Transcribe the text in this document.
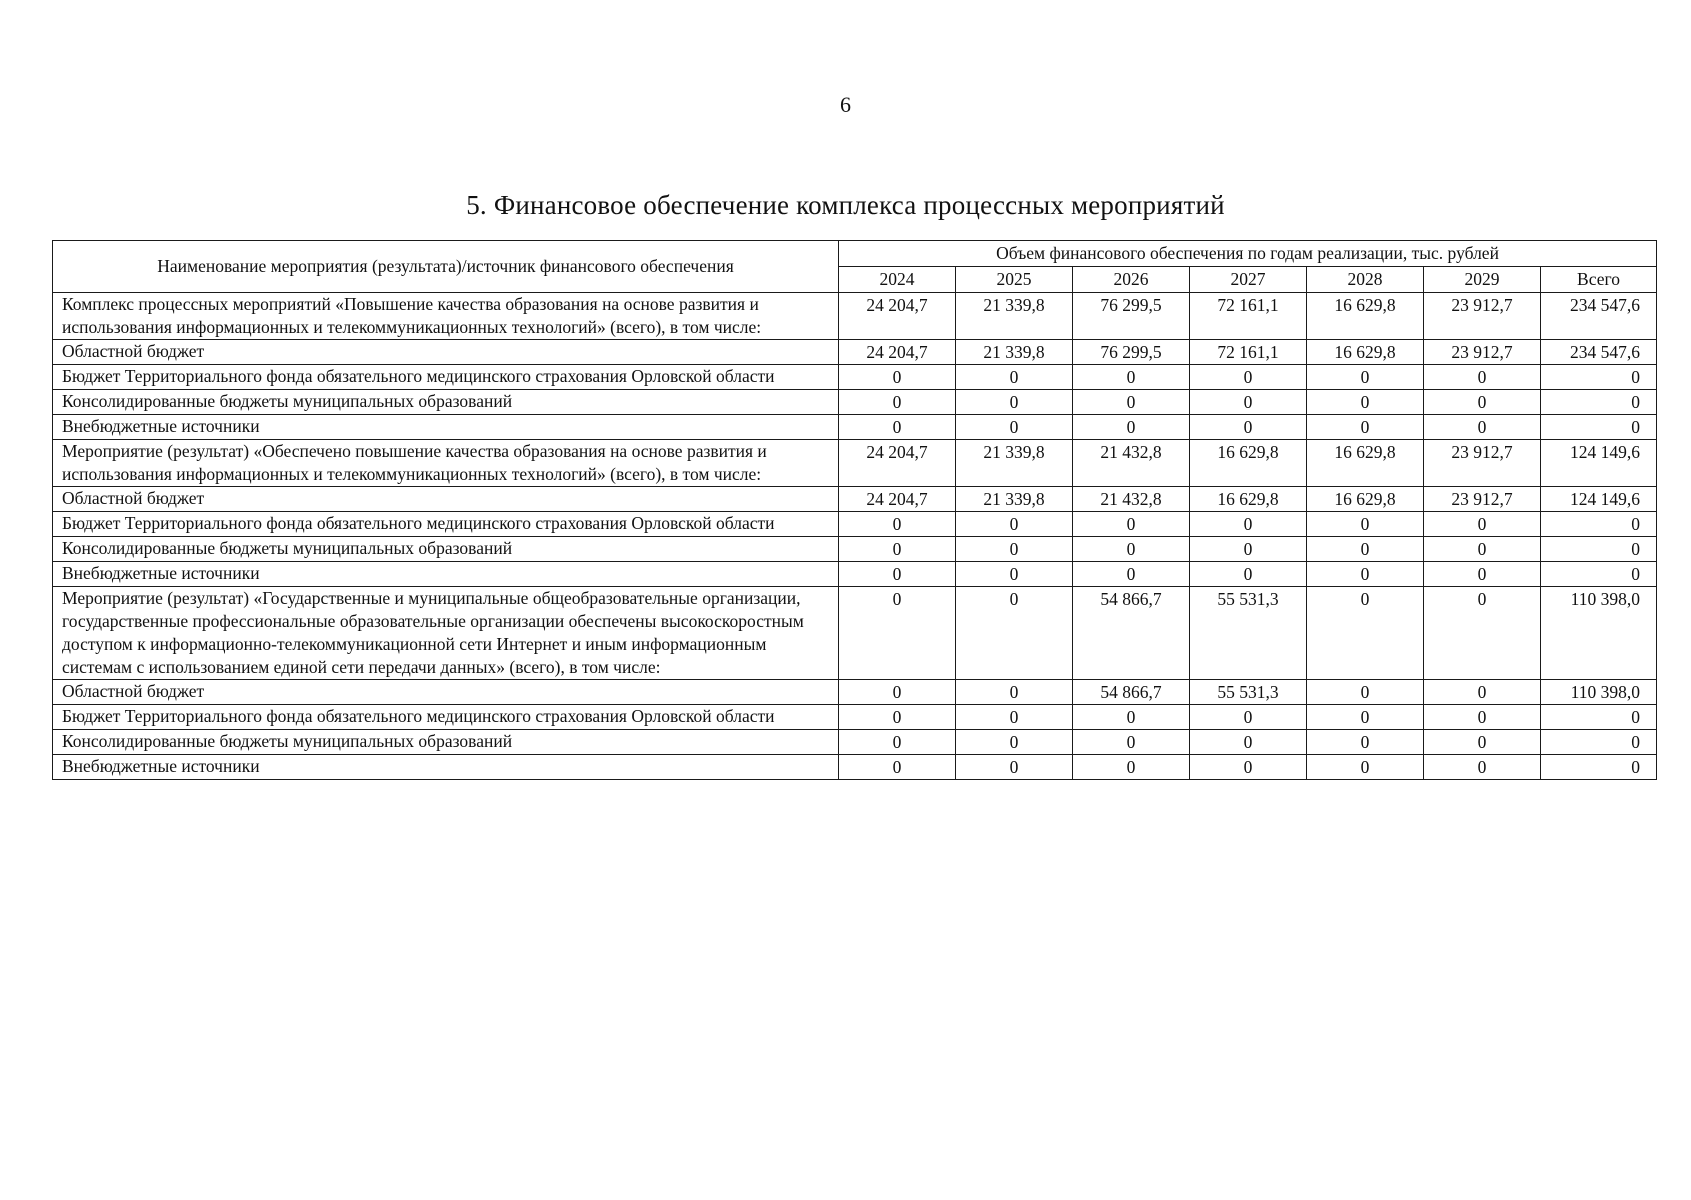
6
5. Финансовое обеспечение комплекса процессных мероприятий
Наименование мероприятия (результата)/источник финансового обеспечения	Объем финансового обеспечения по годам реализации, тыс. рублей						
	2024	2025	2026	2027	2028	2029	Всего
Комплекс процессных мероприятий «Повышение качества образования на основе развития и использования информационных и телекоммуникационных технологий» (всего), в том числе:	24 204,7	21 339,8	76 299,5	72 161,1	16 629,8	23 912,7	234 547,6
Областной бюджет	24 204,7	21 339,8	76 299,5	72 161,1	16 629,8	23 912,7	234 547,6
Бюджет Территориального фонда обязательного медицинского страхования Орловской области	0	0	0	0	0	0	0
Консолидированные бюджеты муниципальных образований	0	0	0	0	0	0	0
Внебюджетные источники	0	0	0	0	0	0	0
Мероприятие (результат) «Обеспечено повышение качества образования на основе развития и использования информационных и телекоммуникационных технологий» (всего), в том числе:	24 204,7	21 339,8	21 432,8	16 629,8	16 629,8	23 912,7	124 149,6
Областной бюджет	24 204,7	21 339,8	21 432,8	16 629,8	16 629,8	23 912,7	124 149,6
Бюджет Территориального фонда обязательного медицинского страхования Орловской области	0	0	0	0	0	0	0
Консолидированные бюджеты муниципальных образований	0	0	0	0	0	0	0
Внебюджетные источники	0	0	0	0	0	0	0
Мероприятие (результат) «Государственные и муниципальные общеобразовательные организации, государственные профессиональные образовательные организации обеспечены высокоскоростным доступом к информационно-телекоммуникационной сети Интернет и иным информационным системам с использованием единой сети передачи данных» (всего), в том числе:	0	0	54 866,7	55 531,3	0	0	110 398,0
Областной бюджет	0	0	54 866,7	55 531,3	0	0	110 398,0
Бюджет Территориального фонда обязательного медицинского страхования Орловской области	0	0	0	0	0	0	0
Консолидированные бюджеты муниципальных образований	0	0	0	0	0	0	0
Внебюджетные источники	0	0	0	0	0	0	0
